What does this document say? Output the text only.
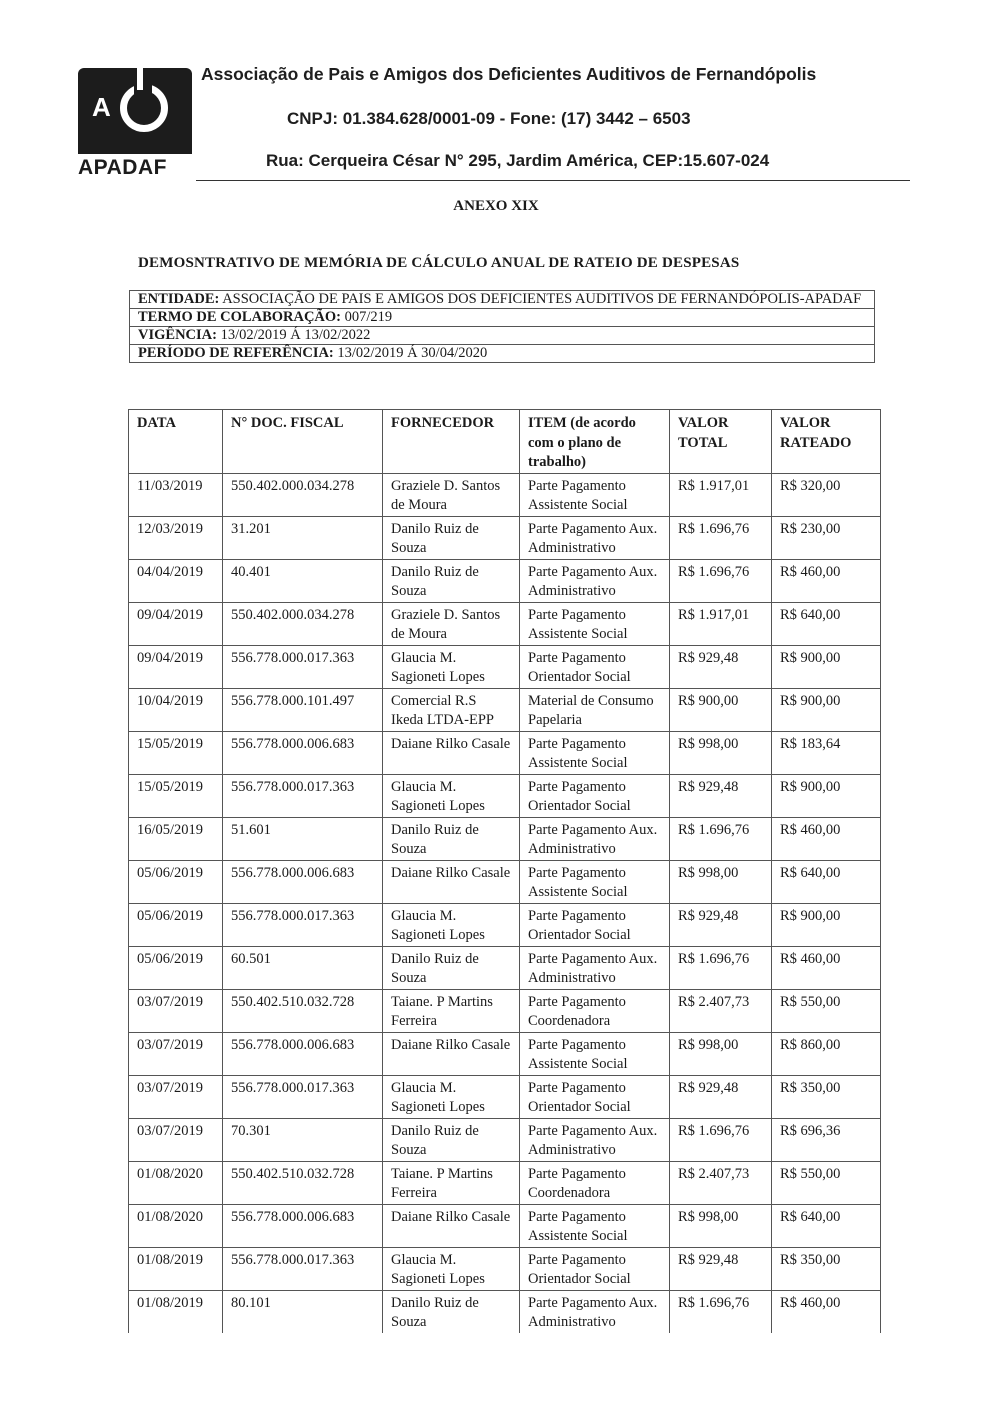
A
APADAF
Associação de Pais e Amigos dos Deficientes Auditivos de Fernandópolis
CNPJ: 01.384.628/0001-09 - Fone: (17) 3442 – 6503
Rua: Cerqueira César N° 295, Jardim América, CEP:15.607-024
ANEXO XIX
DEMOSNTRATIVO DE MEMÓRIA DE CÁLCULO ANUAL DE RATEIO DE DESPESAS
ENTIDADE: ASSOCIAÇÃO DE PAIS E AMIGOS DOS DEFICIENTES AUDITIVOS DE FERNANDÓPOLIS-APADAF
TERMO DE COLABORAÇÃO: 007/219
VIGÊNCIA: 13/02/2019 Á 13/02/2022
PERÍODO DE REFERÊNCIA: 13/02/2019 Á 30/04/2020
DATA	N° DOC. FISCAL	FORNECEDOR	ITEM (de acordo com o plano de trabalho)	VALOR TOTAL	VALOR RATEADO
11/03/2019	550.402.000.034.278	Graziele D. Santos de Moura	Parte Pagamento Assistente Social	R$ 1.917,01	R$ 320,00
12/03/2019	31.201	Danilo Ruiz de Souza	Parte Pagamento Aux. Administrativo	R$ 1.696,76	R$ 230,00
04/04/2019	40.401	Danilo Ruiz de Souza	Parte Pagamento Aux. Administrativo	R$ 1.696,76	R$ 460,00
09/04/2019	550.402.000.034.278	Graziele D. Santos de Moura	Parte Pagamento Assistente Social	R$ 1.917,01	R$ 640,00
09/04/2019	556.778.000.017.363	Glaucia M. Sagioneti Lopes	Parte Pagamento Orientador Social	R$ 929,48	R$ 900,00
10/04/2019	556.778.000.101.497	Comercial R.S Ikeda LTDA-EPP	Material de Consumo Papelaria	R$ 900,00	R$ 900,00
15/05/2019	556.778.000.006.683	Daiane Rilko Casale	Parte Pagamento Assistente Social	R$ 998,00	R$ 183,64
15/05/2019	556.778.000.017.363	Glaucia M. Sagioneti Lopes	Parte Pagamento Orientador Social	R$ 929,48	R$ 900,00
16/05/2019	51.601	Danilo Ruiz de Souza	Parte Pagamento Aux. Administrativo	R$ 1.696,76	R$ 460,00
05/06/2019	556.778.000.006.683	Daiane Rilko Casale	Parte Pagamento Assistente Social	R$ 998,00	R$ 640,00
05/06/2019	556.778.000.017.363	Glaucia M. Sagioneti Lopes	Parte Pagamento Orientador Social	R$ 929,48	R$ 900,00
05/06/2019	60.501	Danilo Ruiz de Souza	Parte Pagamento Aux. Administrativo	R$ 1.696,76	R$ 460,00
03/07/2019	550.402.510.032.728	Taiane. P Martins Ferreira	Parte Pagamento Coordenadora	R$ 2.407,73	R$ 550,00
03/07/2019	556.778.000.006.683	Daiane Rilko Casale	Parte Pagamento Assistente Social	R$ 998,00	R$ 860,00
03/07/2019	556.778.000.017.363	Glaucia M. Sagioneti Lopes	Parte Pagamento Orientador Social	R$ 929,48	R$ 350,00
03/07/2019	70.301	Danilo Ruiz de Souza	Parte Pagamento Aux. Administrativo	R$ 1.696,76	R$ 696,36
01/08/2020	550.402.510.032.728	Taiane. P Martins Ferreira	Parte Pagamento Coordenadora	R$ 2.407,73	R$ 550,00
01/08/2020	556.778.000.006.683	Daiane Rilko Casale	Parte Pagamento Assistente Social	R$ 998,00	R$ 640,00
01/08/2019	556.778.000.017.363	Glaucia M. Sagioneti Lopes	Parte Pagamento Orientador Social	R$ 929,48	R$ 350,00
01/08/2019	80.101	Danilo Ruiz de Souza	Parte Pagamento Aux. Administrativo	R$ 1.696,76	R$ 460,00
